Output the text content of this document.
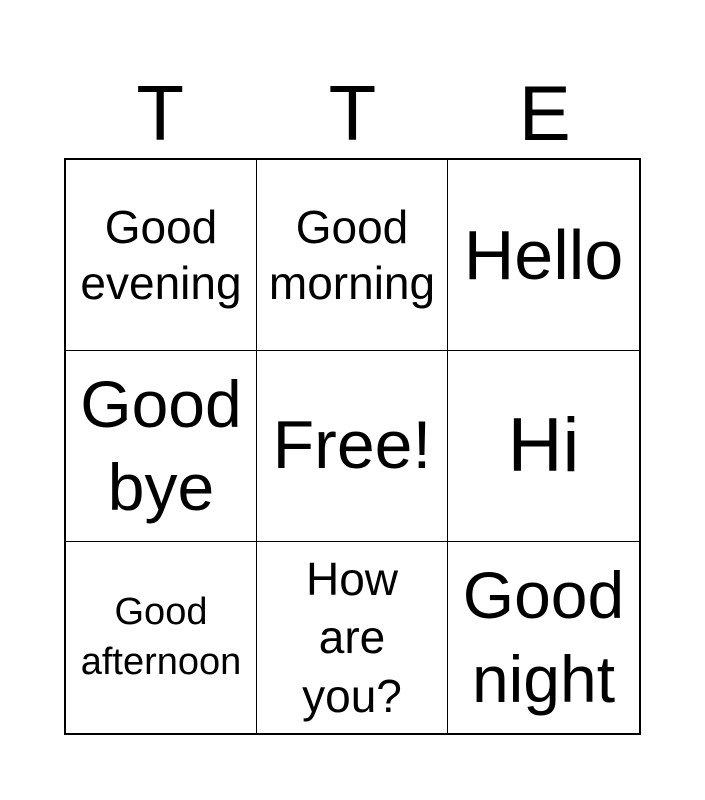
T	T	E
Good
evening
Good
morning Hello
Good
bye
Free! Hi
Good
afternoon
How
are
you?
Good
night
